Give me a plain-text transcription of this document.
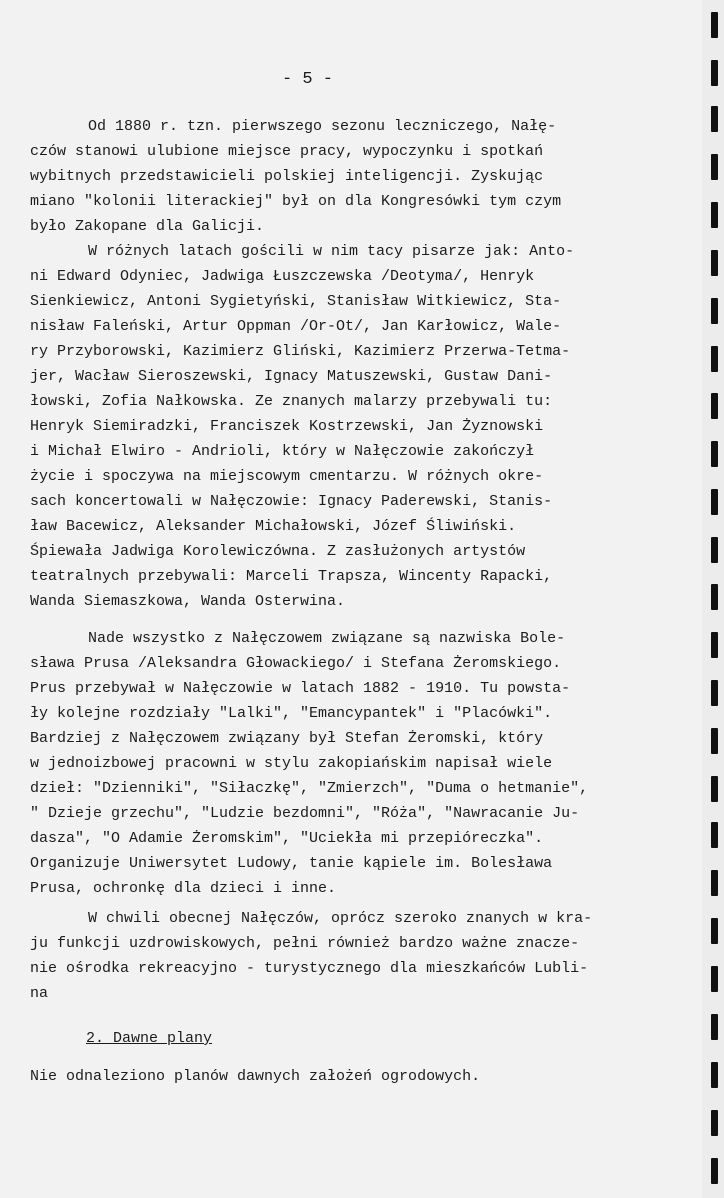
- 5 -
Od 1880 r. tzn. pierwszego sezonu leczniczego, Nałę-
czów stanowi ulubione miejsce pracy, wypoczynku i spotkań
wybitnych przedstawicieli polskiej inteligencji. Zyskując
miano "kolonii literackiej" był on dla Kongresówki tym czym
było Zakopane dla Galicji.
W różnych latach gościli w nim tacy pisarze jak: Anto-
ni Edward Odyniec, Jadwiga Łuszczewska /Deotyma/, Henryk
Sienkiewicz, Antoni Sygietyński, Stanisław Witkiewicz, Sta-
nisław Faleński, Artur Oppman /Or-Ot/, Jan Karłowicz, Wale-
ry Przyborowski, Kazimierz Gliński, Kazimierz Przerwa-Tetma-
jer, Wacław Sieroszewski, Ignacy Matuszewski, Gustaw Dani-
łowski, Zofia Nałkowska. Ze znanych malarzy przebywali tu:
Henryk Siemiradzki, Franciszek Kostrzewski, Jan Żyznowski
i Michał Elwiro - Andrioli, który w Nałęczowie zakończył
życie i spoczywa na miejscowym cmentarzu. W różnych okre-
sach koncertowali w Nałęczowie: Ignacy Paderewski, Stanis-
ław Bacewicz, Aleksander Michałowski, Józef Śliwiński.
Śpiewała Jadwiga Korolewiczówna. Z zasłużonych artystów
teatralnych przebywali: Marceli Trapsza, Wincenty Rapacki,
Wanda Siemaszkowa, Wanda Osterwina.
Nade wszystko z Nałęczowem związane są nazwiska Bole-
sława Prusa /Aleksandra Głowackiego/ i Stefana Żeromskiego.
Prus przebywał w Nałęczowie w latach 1882 - 1910. Tu powsta-
ły kolejne rozdziały "Lalki", "Emancypantek" i "Placówki".
Bardziej z Nałęczowem związany był Stefan Żeromski, który
w jednoizbowej pracowni w stylu zakopiańskim napisał wiele
dzieł: "Dzienniki", "Siłaczkę", "Zmierzch", "Duma o hetmanie",
" Dzieje grzechu", "Ludzie bezdomni", "Róża", "Nawracanie Ju-
dasza", "O Adamie Żeromskim", "Uciekła mi przepióreczka".
Organizuje Uniwersytet Ludowy, tanie kąpiele im. Bolesława
Prusa, ochronkę dla dzieci i inne.
W chwili obecnej Nałęczów, oprócz szeroko znanych w kra-
ju funkcji uzdrowiskowych, pełni również bardzo ważne znacze-
nie ośrodka rekreacyjno - turystycznego dla mieszkańców Lubli-
na
2. Dawne plany
Nie odnaleziono planów dawnych założeń ogrodowych.
